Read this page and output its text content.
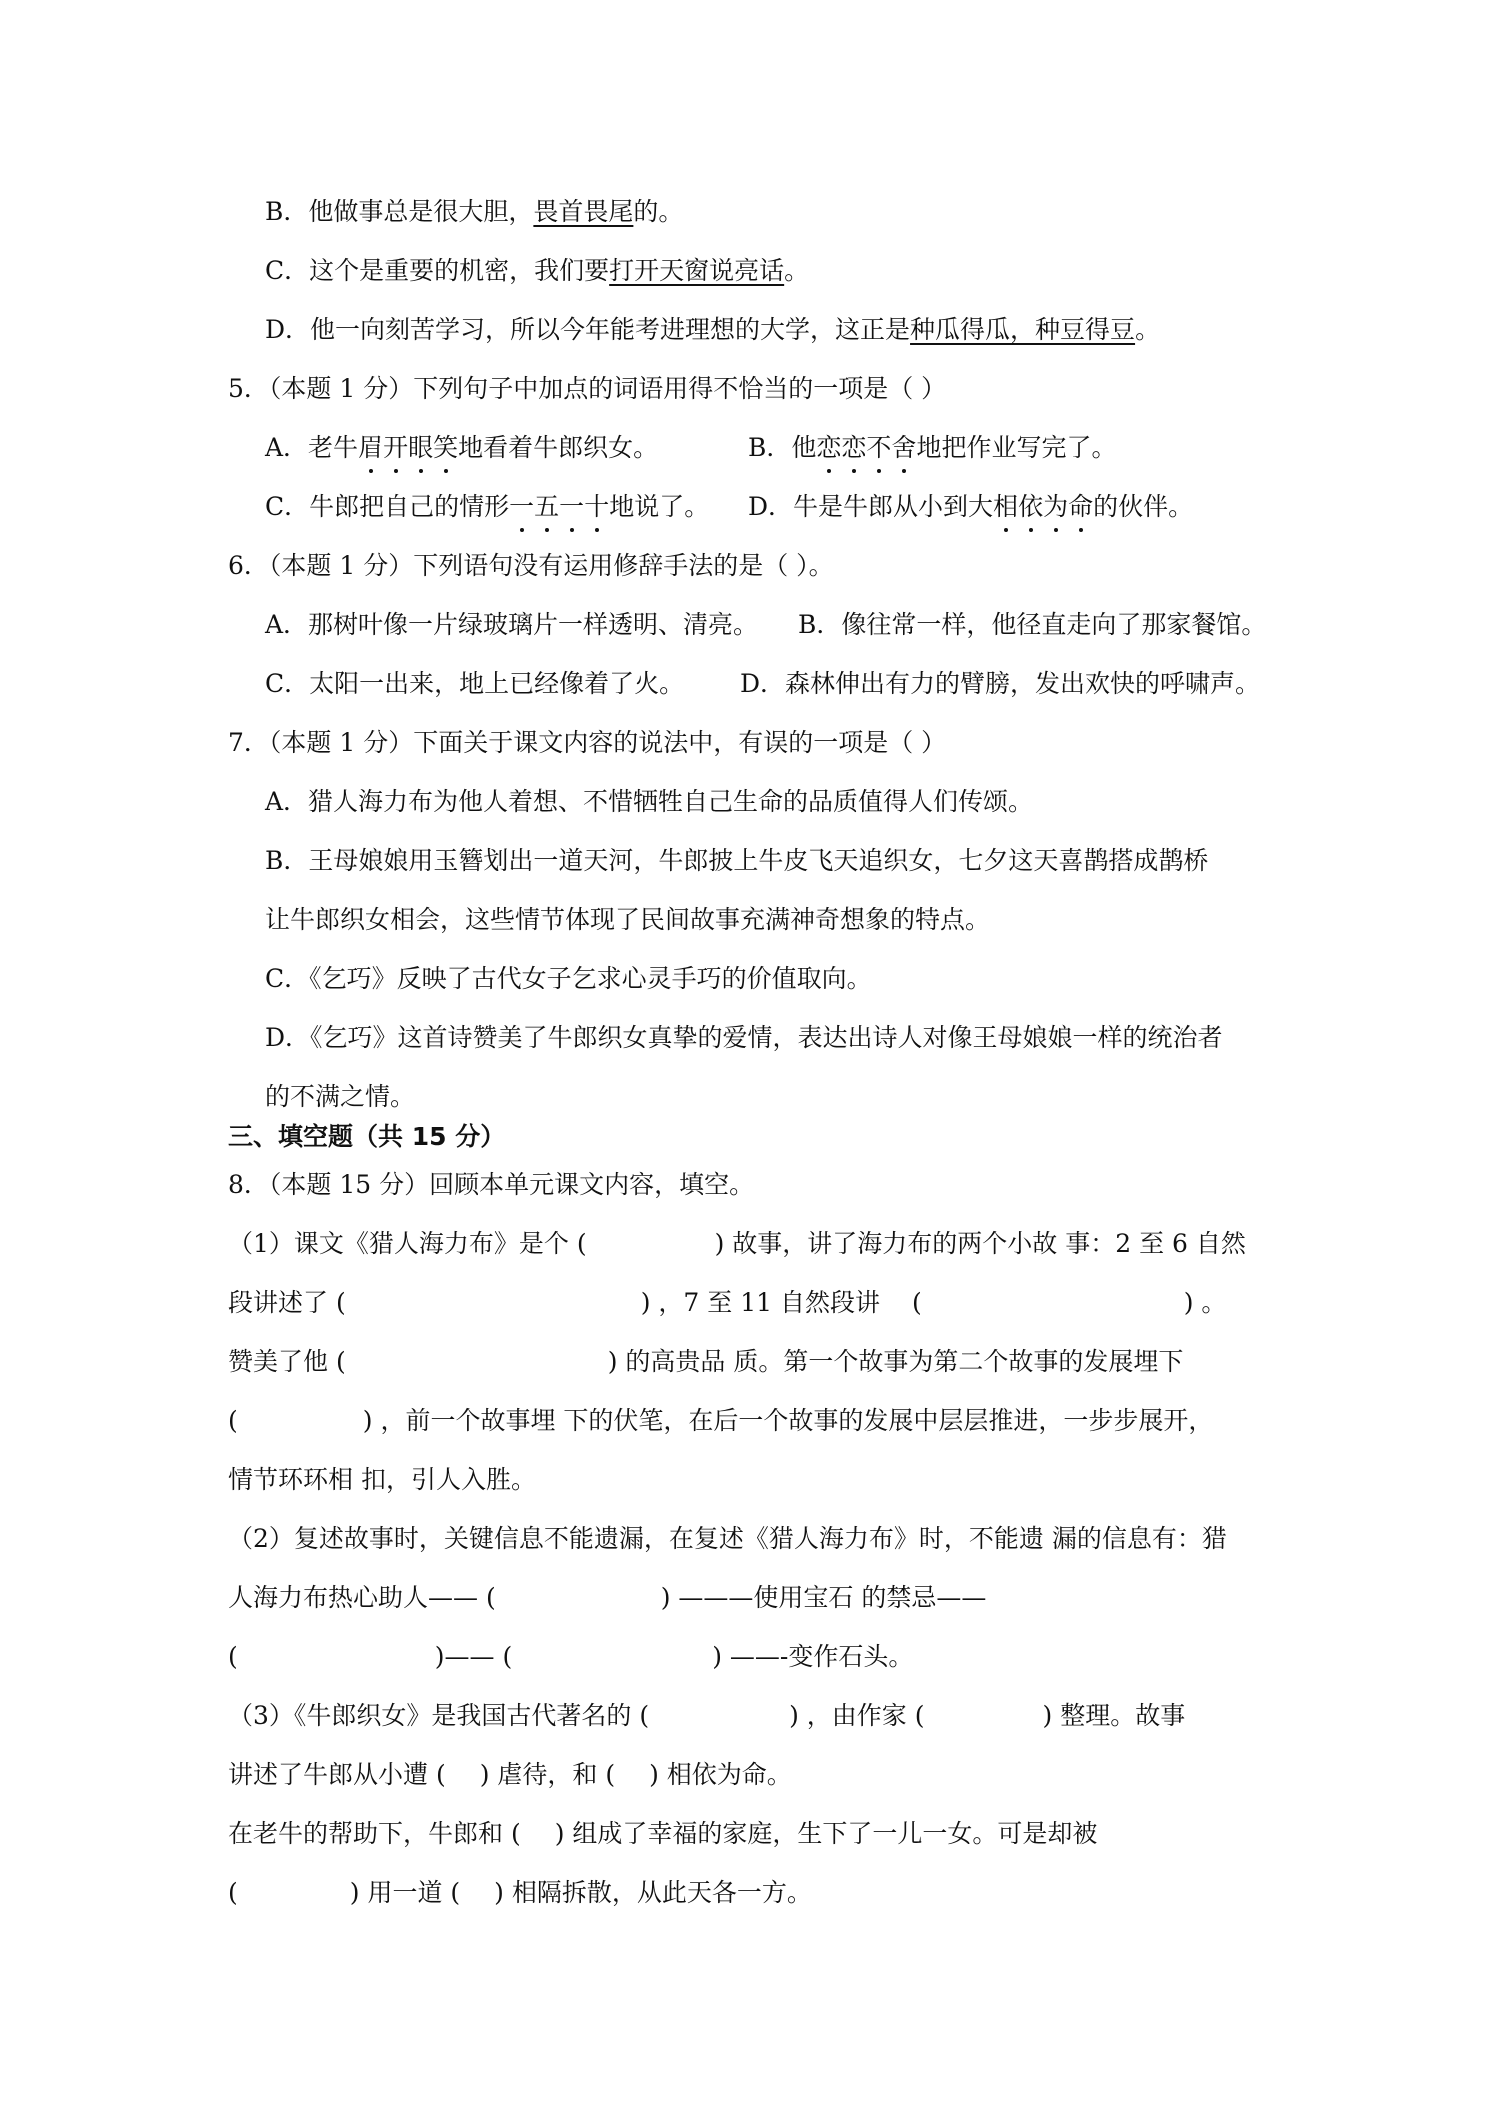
B．他做事总是很大胆，畏首畏尾的。
C．这个是重要的机密，我们要打开天窗说亮话。
D．他一向刻苦学习，所以今年能考进理想的大学，这正是种瓜得瓜，种豆得豆。
5．（本题 1 分）下列句子中加点的词语用得不恰当的一项是（ ）
A．老牛眉开眼笑地看着牛郎织女。	B．他恋恋不舍地把作业写完了。
C．牛郎把自己的情形一五一十地说了。 D．牛是牛郎从小到大相依为命的伙伴。
6．（本题 1 分）下列语句没有运用修辞手法的是（ ）。
A．那树叶像一片绿玻璃片一样透明、清亮。 B．像往常一样，他径直走向了那家餐馆。
C．太阳一出来，地上已经像着了火。 D．森林伸出有力的臂膀，发出欢快的呼啸声。
7．（本题 1 分）下面关于课文内容的说法中，有误的一项是（ ）
A．猎人海力布为他人着想、不惜牺牲自己生命的品质值得人们传颂。
B．王母娘娘用玉簪划出一道天河，牛郎披上牛皮飞天追织女，七夕这天喜鹊搭成鹊桥
让牛郎织女相会，这些情节体现了民间故事充满神奇想象的特点。
C．《乞巧》反映了古代女子乞求心灵手巧的价值取向。
D．《乞巧》这首诗赞美了牛郎织女真挚的爱情，表达出诗人对像王母娘娘一样的统治者
的不满之情。
三、填空题（共 15 分）
8．（本题 15 分）回顾本单元课文内容，填空。
（1）课文《猎人海力布》是个 (	) 故事，讲了海力布的两个小故 事：2 至 6 自然
段讲述了 (	) ，7 至 11 自然段讲 (	) 。
赞美了他 (	) 的高贵品 质。第一个故事为第二个故事的发展埋下
(	) ，前一个故事埋 下的伏笔，在后一个故事的发展中层层推进，一步步展开，
情节环环相 扣，引人入胜。
（2）复述故事时，关键信息不能遗漏，在复述《猎人海力布》时，不能遗 漏的信息有：猎
人海力布热心助人—— (	) ———使用宝石 的禁忌——
(	)—— (	) ——-变作石头。
（3）《牛郎织女》是我国古代著名的 (	) ，由作家 (	) 整理。故事
讲述了牛郎从小遭 ( ) 虐待，和 ( ) 相依为命。
在老牛的帮助下，牛郎和 ( ) 组成了幸福的家庭，生下了一儿一女。可是却被
(	) 用一道 ( ) 相隔拆散，从此天各一方。
